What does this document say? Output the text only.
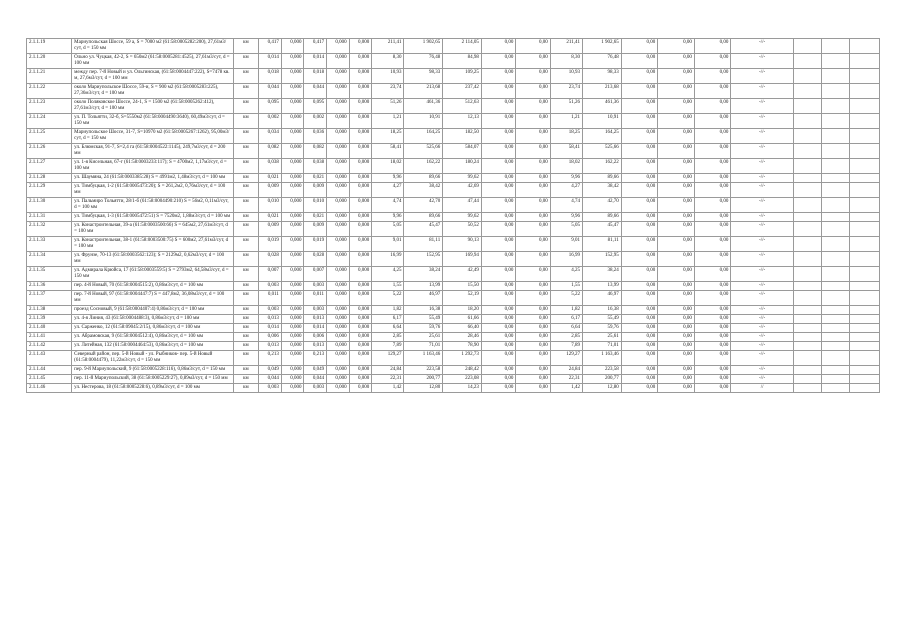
2.1.1.19	Мариупольская Шоссе, 59 а, S = 7000 м2 (61:58:0005282:200), 27,61м3/сут, d = 150 мм	км	0,417	0,000	0,417	0,000	0,000	211,41	1 902,65	2 114,05	0,00	0,00	211,41	1 902,65	0,00	0,00	0,00	-//-			
2.1.1.20	Ольно ул. Чуцкая, 42-2, S = 650м2 (61:58:0005281:4525), 27,61м3/сут, d = 100 мм	км	0,014	0,000	0,014	0,000	0,000	8,30	76,48	84,98	0,00	0,00	8,30	76,48	0,00	0,00	0,00	-//-			
2.1.1.21	между пер. 7-й Новый и ул. Ольгинская, (61:58:0004447:222), S=7478 кв. м, 27,6м3/сут, d = 100 мм	км	0,018	0,000	0,018	0,000	0,000	10,93	98,33	109,25	0,00	0,00	10,93	98,33	0,00	0,00	0,00	-//-			
2.1.1.22	около Мариупольское Шоссе, 59-и, S = 900 м2 (61:58:0005283:225), 27,36м3/сут, d = 100 мм	км	0,044	0,000	0,044	0,000	0,000	23,74	213,68	237,42	0,00	0,00	23,74	213,68	0,00	0,00	0,00	-//-			
2.1.1.23	около Поляковское Шоссе, 24-1, S = 1500 м2 (61:58:0005262:412), 27,61м3/сут, d = 100 мм	км	0,095	0,000	0,095	0,000	0,000	51,26	461,36	512,63	0,00	0,00	51,26	461,36	0,00	0,00	0,00	-//-			
2.1.1.24	ул. П. Тольятти, 32-б, S=5550м2 (61:58:0004490:3640), 60,49м3/сут, d = 150 мм	км	0,002	0,000	0,002	0,000	0,000	1,21	10,91	12,13	0,00	0,00	1,21	10,91	0,00	0,00	0,00	-//-			
2.1.1.25	Мариупольское Шоссе, 31-7, S=10970 м2 (61:58:0005267:1262), 95,00м3/сут, d = 150 мм	км	0,034	0,000	0,036	0,000	0,000	18,25	164,25	182,50	0,00	0,00	18,25	164,25	0,00	0,00	0,00	-//-			
2.1.1.26	ул. Блюмская, 91-7, S=2,4 га (61:58:0004522:1145), 249,7м3/сут, d = 200 мм	км	0,082	0,000	0,082	0,000	0,000	58,41	525,66	584,07	0,00	0,00	58,41	525,66	0,00	0,00	0,00	-//-			
2.1.1.27	ул. 1-я Кисельная, 67-г (61:58:0003233:117); S = 4700м2, 1,17м3/сут, d = 100 мм	км	0,038	0,000	0,038	0,000	0,000	18,02	162,22	180,24	0,00	0,00	18,02	162,22	0,00	0,00	0,00	-//-			
2.1.1.28	ул. Шаумяна, 24 (61:58:0003385:28) S = 4991м2, 1,48м3/сут, d = 100 мм	км	0,021	0,000	0,021	0,000	0,000	9,96	89,66	99,62	0,00	0,00	9,96	89,66	0,00	0,00	0,00	-//-			
2.1.1.29	ул. Тимбуцкая, 1-2 (61:58:0005473:20); S = 261,2м2, 0,76м3/сут, d = 100 мм	км	0,009	0,000	0,009	0,000	0,000	4,27	38,42	42,69	0,00	0,00	4,27	38,42	0,00	0,00	0,00	-//-			
2.1.1.30	ул. Пальмиро Тольятти, 28/1-б (61:58:0004490:210) S = 56м2, 0,11м3/сут, d = 100 мм	км	0,010	0,000	0,010	0,000	0,000	4,74	42,70	47,44	0,00	0,00	4,74	42,70	0,00	0,00	0,00	-//-			
2.1.1.31	ул. Тимбуцкая, 1-3 (61:58:0005472:51) S = 7520м2, 1,88м3/сут, d = 100 мм	км	0,021	0,000	0,021	0,000	0,000	9,96	89,66	99,62	0,00	0,00	9,96	89,66	0,00	0,00	0,00	-//-			
2.1.1.32	ул. Конастроительная, 39-а (61:58:0003500:66) S = 645м2, 27,61м3/сут, d = 100 мм	км	0,009	0,000	0,009	0,000	0,000	5,05	45,47	50,52	0,00	0,00	5,05	45,47	0,00	0,00	0,00	-//-			
2.1.1.33	ул. Конастроительная, 38-1 (61:58:0003500:75) S = 600м2, 27,61м3/сут, d = 100 мм	км	0,019	0,000	0,019	0,000	0,000	9,01	81,11	90,13	0,00	0,00	9,01	81,11	0,00	0,00	0,00	-//-			
2.1.1.34	ул. Фрунзе, 70-13 (61:58:0003562:123); S = 2129м2, 0,62м3/сут, d = 100 мм	км	0,028	0,000	0,028	0,000	0,000	16,99	152,95	169,94	0,00	0,00	16,99	152,95	0,00	0,00	0,00	-//-			
2.1.1.35	ул. Адмирала Крюйса, 17 (61:58:0003559:5) S = 2793м2, 64,58м3/сут, d = 150 мм	км	0,007	0,000	0,007	0,000	0,000	4,25	38,24	42,49	0,00	0,00	4,25	38,24	0,00	0,00	0,00	-//-			
2.1.1.36	пер. 4-й Новый, 70 (61:58:0004515:2), 0,86м3/сут, d = 100 мм	км	0,003	0,000	0,003	0,000	0,000	1,55	13,99	15,50	0,00	0,00	1,55	13,99	0,00	0,00	0,00	-//-			
2.1.1.37	пер. 7-й Новый, 97 (61:58:0004447:7) S = 447,8м2, 36,08м3/сут, d = 100 мм	км	0,011	0,000	0,011	0,000	0,000	5,22	46,97	52,19	0,00	0,00	5,22	46,97	0,00	0,00	0,00	-//-			
2.1.1.38	проезд Сосновый, 9 (61:58:0004407:4) 0,86м3/сут, d = 100 мм	км	0,003	0,000	0,003	0,000	0,000	1,82	16,38	18,20	0,00	0,00	1,82	16,38	0,00	0,00	0,00	-//-			
2.1.1.39	ул. 4-я Линия, 43 (61:58:0004488:3), 0,86м3/сут, d = 100 мм	км	0,013	0,000	0,013	0,000	0,000	6,17	55,49	61,66	0,00	0,00	6,17	55,49	0,00	0,00	0,00	-//-			
2.1.1.40	ул. Сарженко, 12 (61:58:09045:2/15), 0,86м3/сут, d = 100 мм	км	0,014	0,000	0,014	0,000	0,000	6,64	59,76	66,40	0,00	0,00	6,64	59,76	0,00	0,00	0,00	-//-			
2.1.1.41	ул. Абрамовская, 9 (61:58:0004512:4), 0,86м3/сут, d = 100 мм	км	0,006	0,000	0,006	0,000	0,000	2,85	25,61	28,46	0,00	0,00	2,85	25,61	0,00	0,00	0,00	-//-			
2.1.1.42	ул. Литейная, 132 (61:58:0004464:53), 0,86м3/сут, d = 100 мм	км	0,013	0,000	0,013	0,000	0,000	7,89	71,01	78,90	0,00	0,00	7,89	71,01	0,00	0,00	0,00	-//-			
2.1.1.43	Северный район, пер. 5-й Новый - ул. Рыбников- пер. 5-й Новый (61:58:0004479), 11,22м3/сут, d = 150 мм	км	0,213	0,000	0,213	0,000	0,000	129,27	1 163,46	1 292,73	0,00	0,00	129,27	1 163,46	0,00	0,00	0,00	-//-			
2.1.1.44	пер. 9-й Мариупольский, 9 (61:58:0005228:116), 0,86м3/сут, d = 150 мм	км	0,049	0,000	0,049	0,000	0,000	24,84	223,58	248,42	0,00	0,00	24,84	223,58	0,00	0,00	0,00	-//-			
2.1.1.45	пер. 11-й Мариупольский, 38 (61:58:0005229:27), 0,89м3/сут, d = 150 мм	км	0,044	0,000	0,044	0,000	0,000	22,31	200,77	223,08	0,00	0,00	22,31	200,77	0,00	0,00	0,00	-//-			
2.1.1.46	ул. Нестерова, 18 (61:58:0005228:6), 0,89м3/сут, d = 100 мм	км	0,003	0,000	0,003	0,000	0,000	1,42	12,80	14,23	0,00	0,00	1,42	12,80	0,00	0,00	0,00	//			
